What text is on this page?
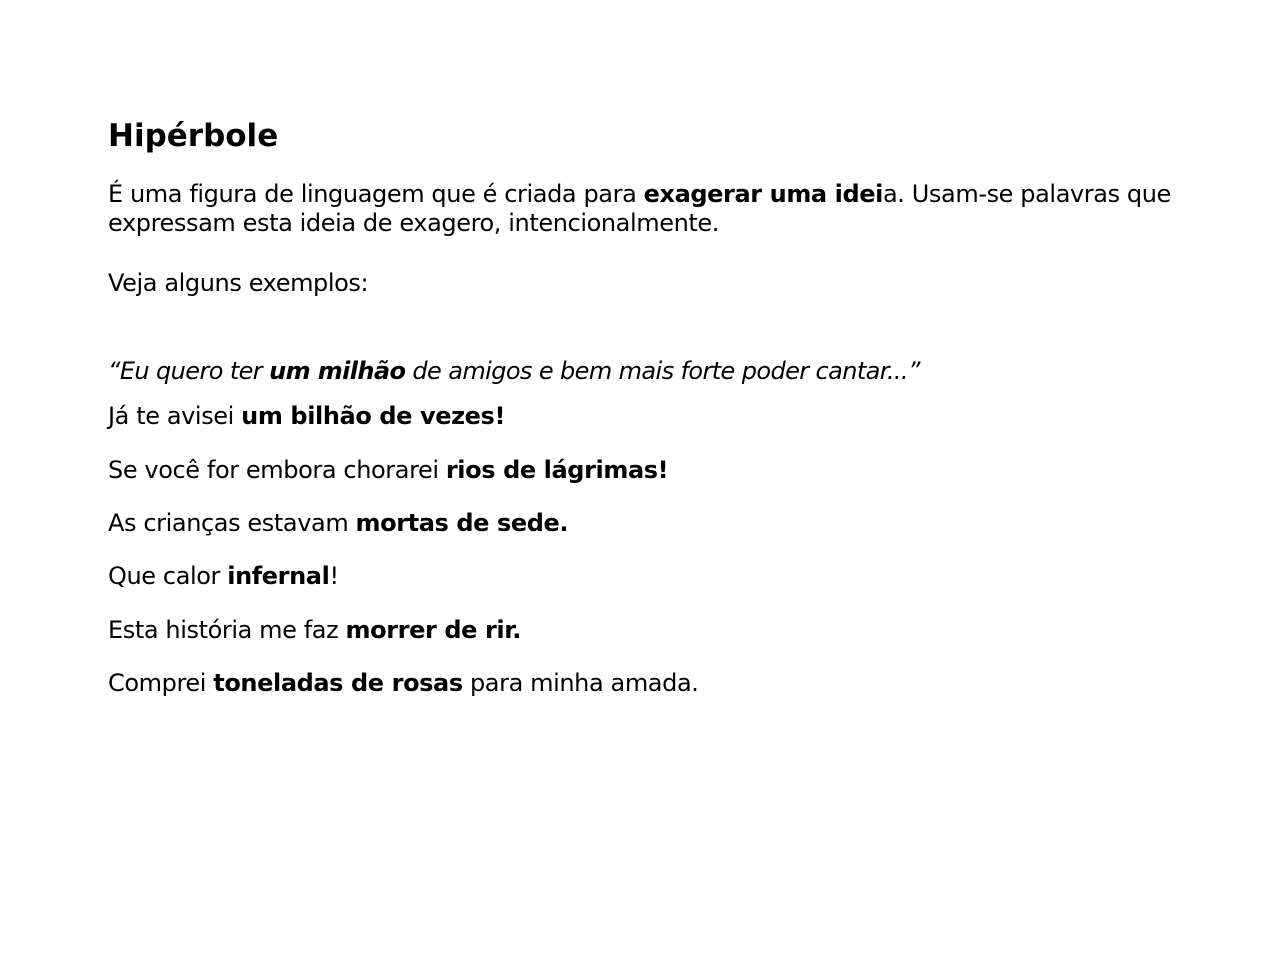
Hipérbole

É uma figura de linguagem que é criada para exagerar uma ideia. Usam-se palavras que expressam esta ideia de exagero, intencionalmente.

Veja alguns exemplos:

“Eu quero ter um milhão de amigos e bem mais forte poder cantar...”

Já te avisei um bilhão de vezes!

Se você for embora chorarei rios de lágrimas!

As crianças estavam mortas de sede.

Que calor infernal!

Esta história me faz morrer de rir.

Comprei toneladas de rosas para minha amada.
